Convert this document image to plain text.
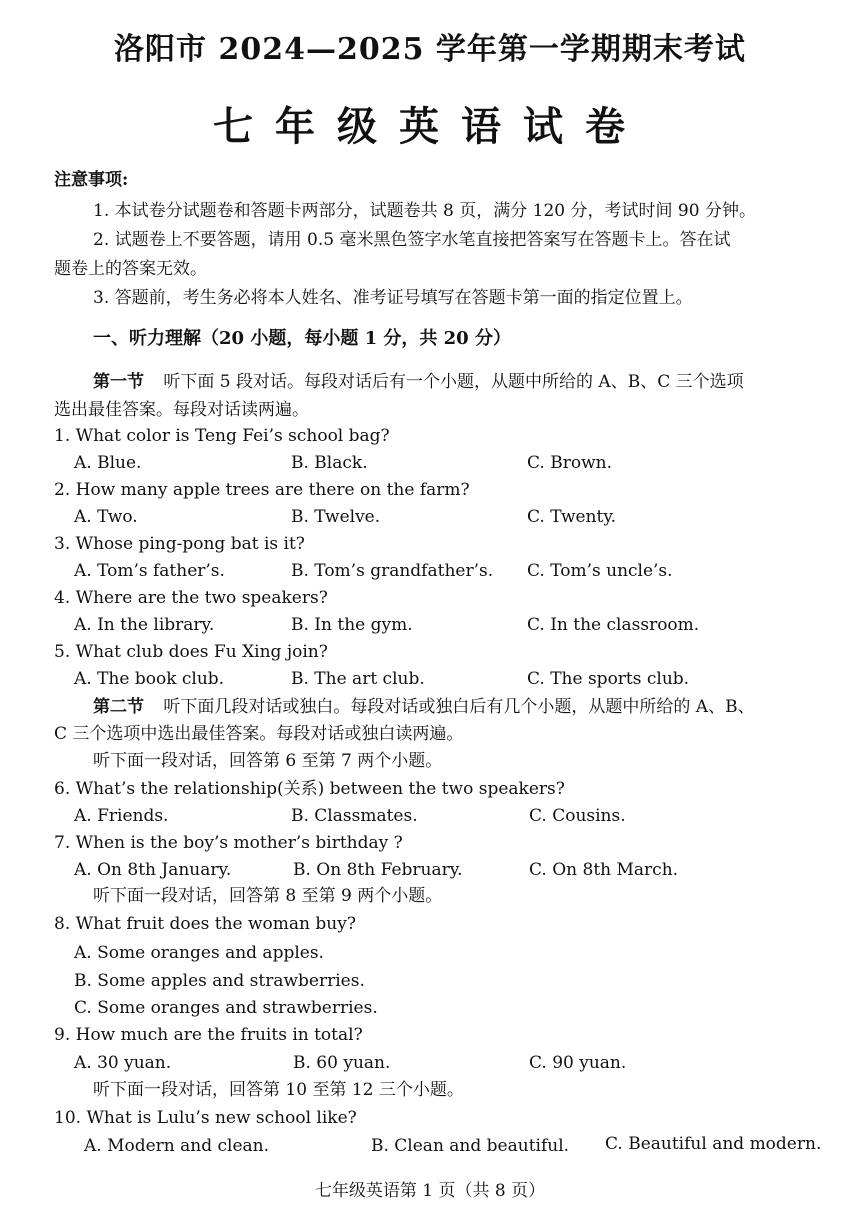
洛阳市 2024—2025 学年第一学期期末考试
七年级英语试卷
注意事项:
1. 本试卷分试题卷和答题卡两部分，试题卷共 8 页，满分 120 分，考试时间 90 分钟。
2. 试题卷上不要答题，请用 0.5 毫米黑色签字水笔直接把答案写在答题卡上。答在试
题卷上的答案无效。
3. 答题前，考生务必将本人姓名、准考证号填写在答题卡第一面的指定位置上。
一、听力理解（20 小题，每小题 1 分，共 20 分）
第一节 听下面 5 段对话。每段对话后有一个小题，从题中所给的 A、B、C 三个选项
选出最佳答案。每段对话读两遍。
1. What color is Teng Fei’s school bag?
A. Blue.	B. Black.	C. Brown.
2. How many apple trees are there on the farm?
A. Two.	B. Twelve.	C. Twenty.
3. Whose ping-pong bat is it?
A. Tom’s father’s.	B. Tom’s grandfather’s. C. Tom’s uncle’s.
4. Where are the two speakers?
A. In the library.	B. In the gym.	C. In the classroom.
5. What club does Fu Xing join?
A. The book club.	B. The art club.	C. The sports club.
第二节 听下面几段对话或独白。每段对话或独白后有几个小题，从题中所给的 A、B、
C 三个选项中选出最佳答案。每段对话或独白读两遍。
听下面一段对话，回答第 6 至第 7 两个小题。
6. What’s the relationship(关系) between the two speakers?
A. Friends.	B. Classmates.	C. Cousins.
7. When is the boy’s mother’s birthday ?
A. On 8th January.	B. On 8th February.	C. On 8th March.
听下面一段对话，回答第 8 至第 9 两个小题。
8. What fruit does the woman buy?
A. Some oranges and apples.
B. Some apples and strawberries.
C. Some oranges and strawberries.
9. How much are the fruits in total?
A. 30 yuan.	B. 60 yuan.	C. 90 yuan.
听下面一段对话，回答第 10 至第 12 三个小题。
10. What is Lulu’s new school like?
A. Modern and clean.	B. Clean and beautiful. C. Beautiful and modern.
七年级英语第 1 页（共 8 页）
